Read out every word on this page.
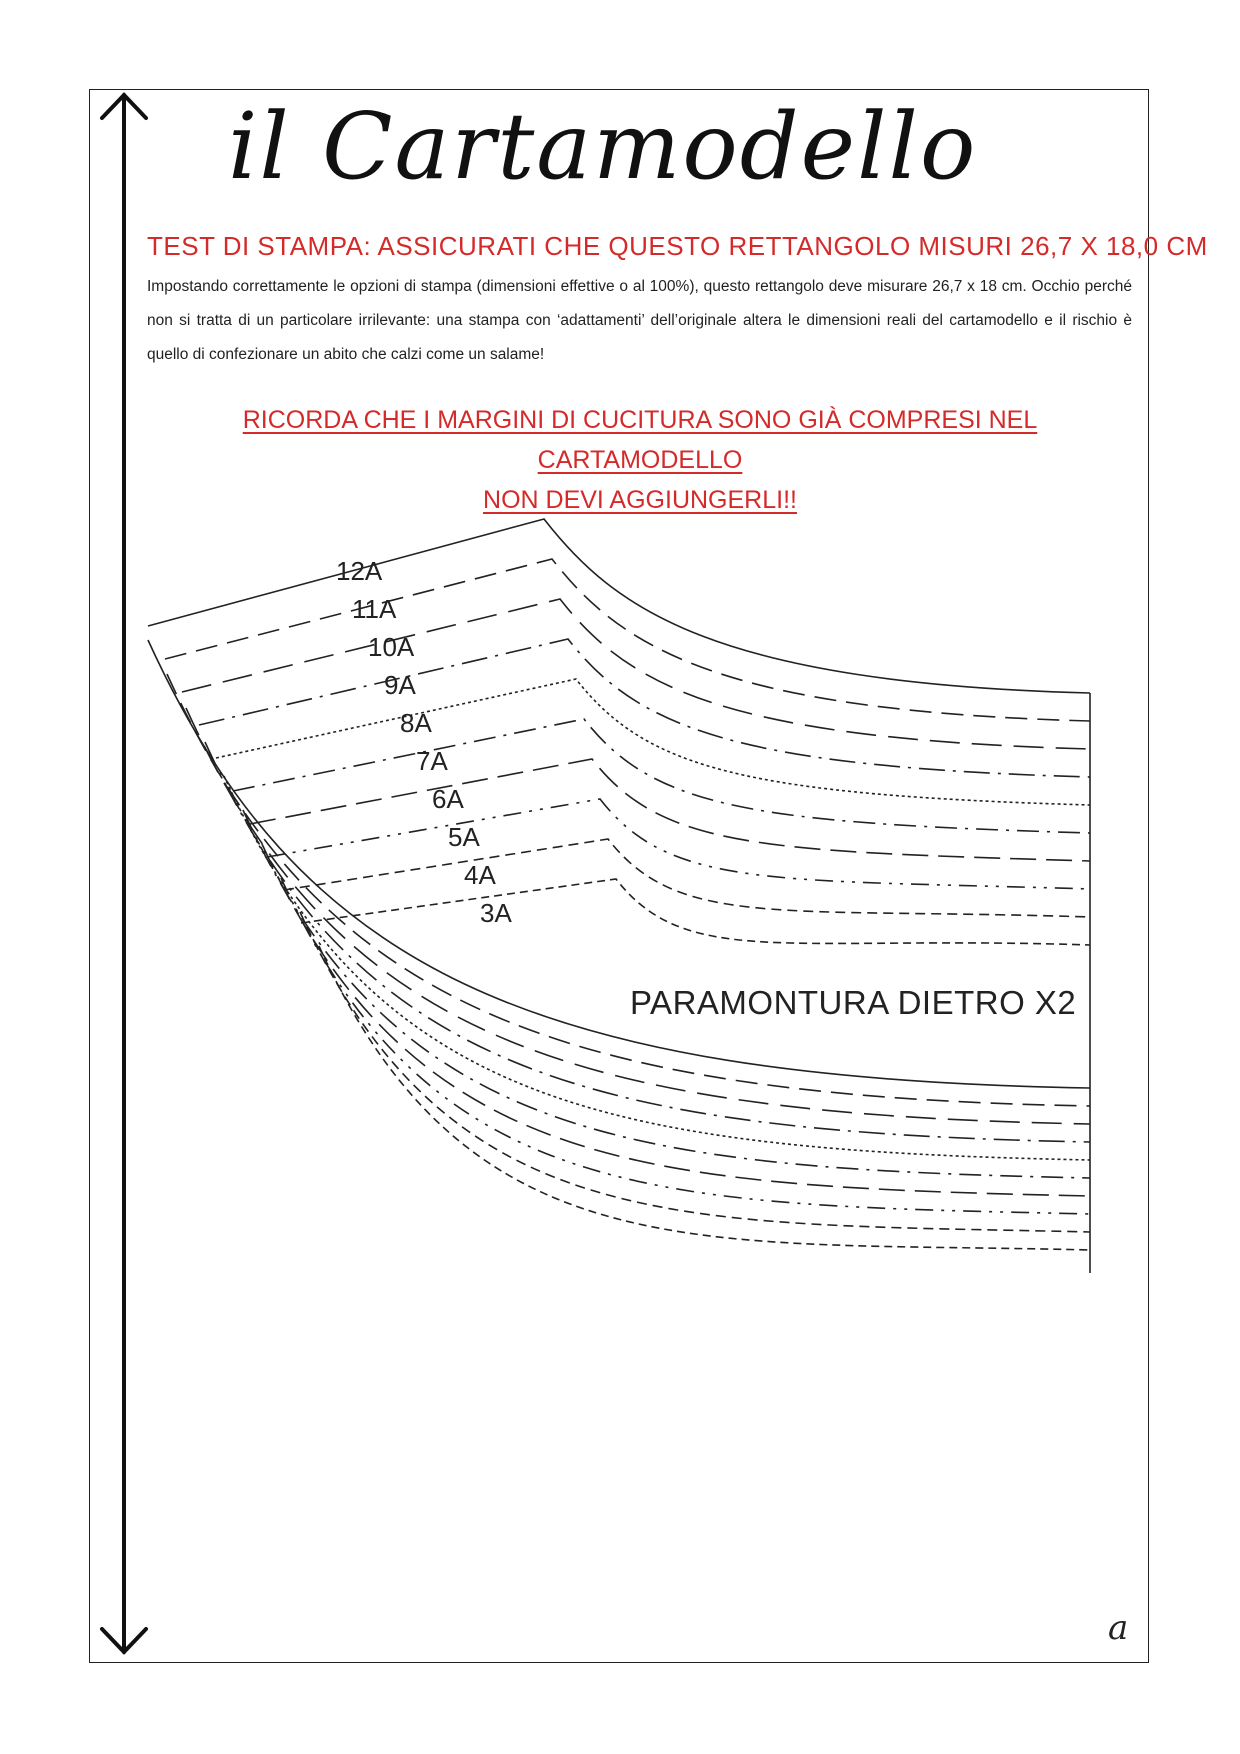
il Cartamodello
TEST DI STAMPA: ASSICURATI CHE QUESTO RETTANGOLO MISURI 26,7 X 18,0 CM
Impostando correttamente le opzioni di stampa (dimensioni effettive o al 100%), questo rettangolo deve misurare 26,7 x 18 cm. Occhio perché non si tratta di un particolare irrilevante: una stampa con ‘adattamenti’ dell’originale altera le dimensioni reali del cartamodello e il rischio è quello di confezionare un abito che calzi come un salame!
RICORDA CHE I MARGINI DI CUCITURA SONO GIÀ COMPRESI NEL CARTAMODELLO
NON DEVI AGGIUNGERLI!!
12A
11A
10A
9A
8A
7A
6A
5A
4A
3A
PARAMONTURA DIETRO X2
a
